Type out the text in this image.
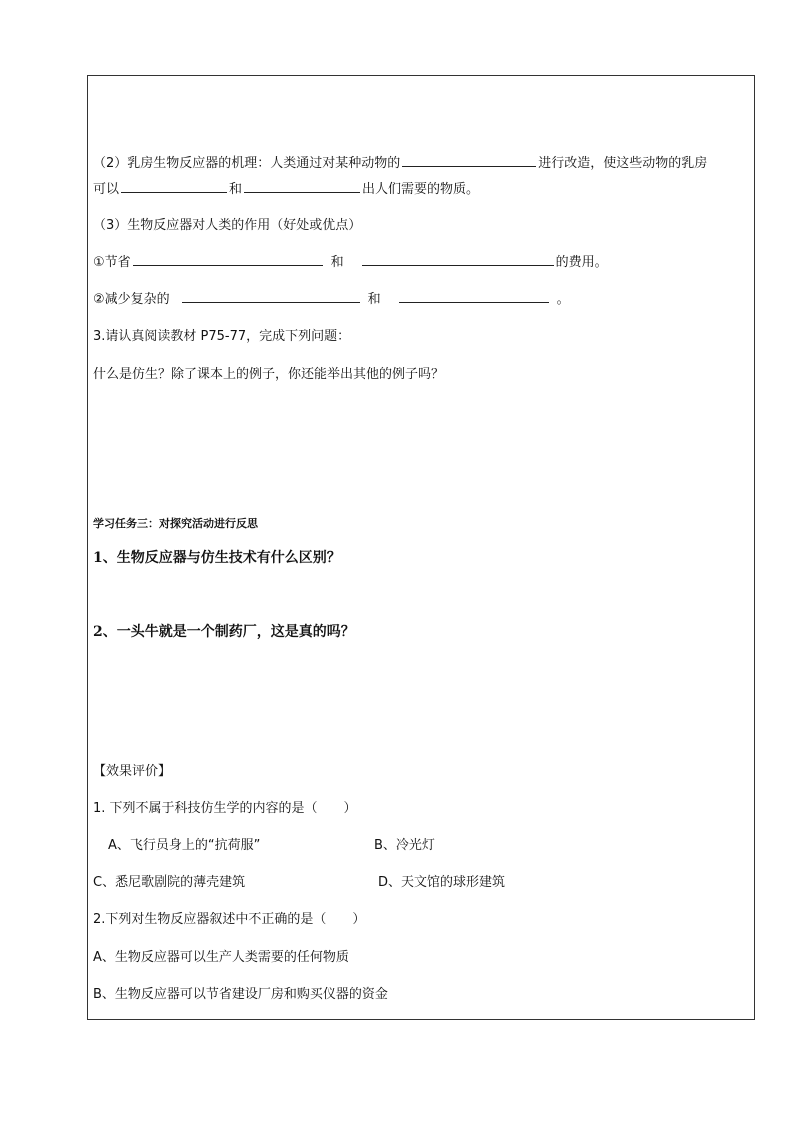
（2）乳房生物反应器的机理：人类通过对某种动物的	进行改造，使这些动物的乳房
可以	和	出人们需要的物质。
（3）生物反应器对人类的作用（好处或优点）
①节省	和	的费用。
②减少复杂的	和	。
3.请认真阅读教材 P75-77，完成下列问题：
什么是仿生？除了课本上的例子，你还能举出其他的例子吗？
学习任务三：对探究活动进行反思
1、生物反应器与仿生技术有什么区别？
2、一头牛就是一个制药厂，这是真的吗？
【效果评价】
1. 下列不属于科技仿生学的内容的是（　　）
A、飞行员身上的“抗荷服”	B、冷光灯
C、悉尼歌剧院的薄壳建筑	D、天文馆的球形建筑
2.下列对生物反应器叙述中不正确的是（　　）
A、生物反应器可以生产人类需要的任何物质
B、生物反应器可以节省建设厂房和购买仪器的资金
